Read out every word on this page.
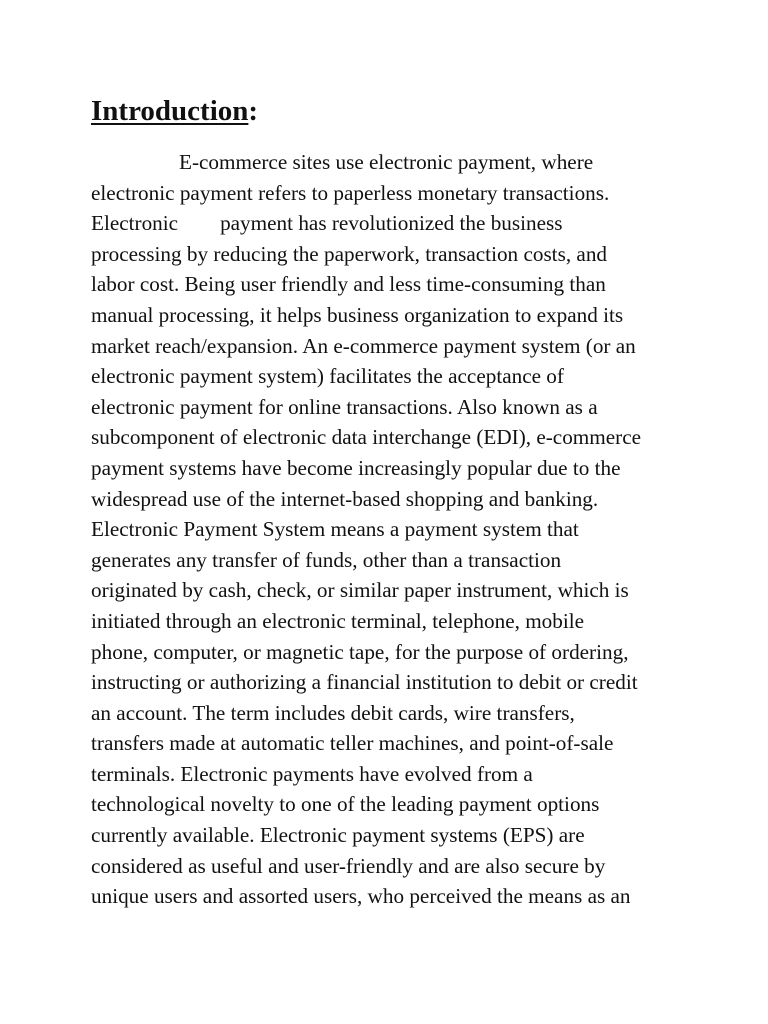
Introduction:
E-commerce sites use electronic payment, where
electronic payment refers to paperless monetary transactions.
Electronic payment has revolutionized the business
processing by reducing the paperwork, transaction costs, and
labor cost. Being user friendly and less time-consuming than
manual processing, it helps business organization to expand its
market reach/expansion. An e-commerce payment system (or an
electronic payment system) facilitates the acceptance of
electronic payment for online transactions. Also known as a
subcomponent of electronic data interchange (EDI), e-commerce
payment systems have become increasingly popular due to the
widespread use of the internet-based shopping and banking.
Electronic Payment System means a payment system that
generates any transfer of funds, other than a transaction
originated by cash, check, or similar paper instrument, which is
initiated through an electronic terminal, telephone, mobile
phone, computer, or magnetic tape, for the purpose of ordering,
instructing or authorizing a financial institution to debit or credit
an account. The term includes debit cards, wire transfers,
transfers made at automatic teller machines, and point-of-sale
terminals. Electronic payments have evolved from a
technological novelty to one of the leading payment options
currently available. Electronic payment systems (EPS) are
considered as useful and user-friendly and are also secure by
unique users and assorted users, who perceived the means as an
